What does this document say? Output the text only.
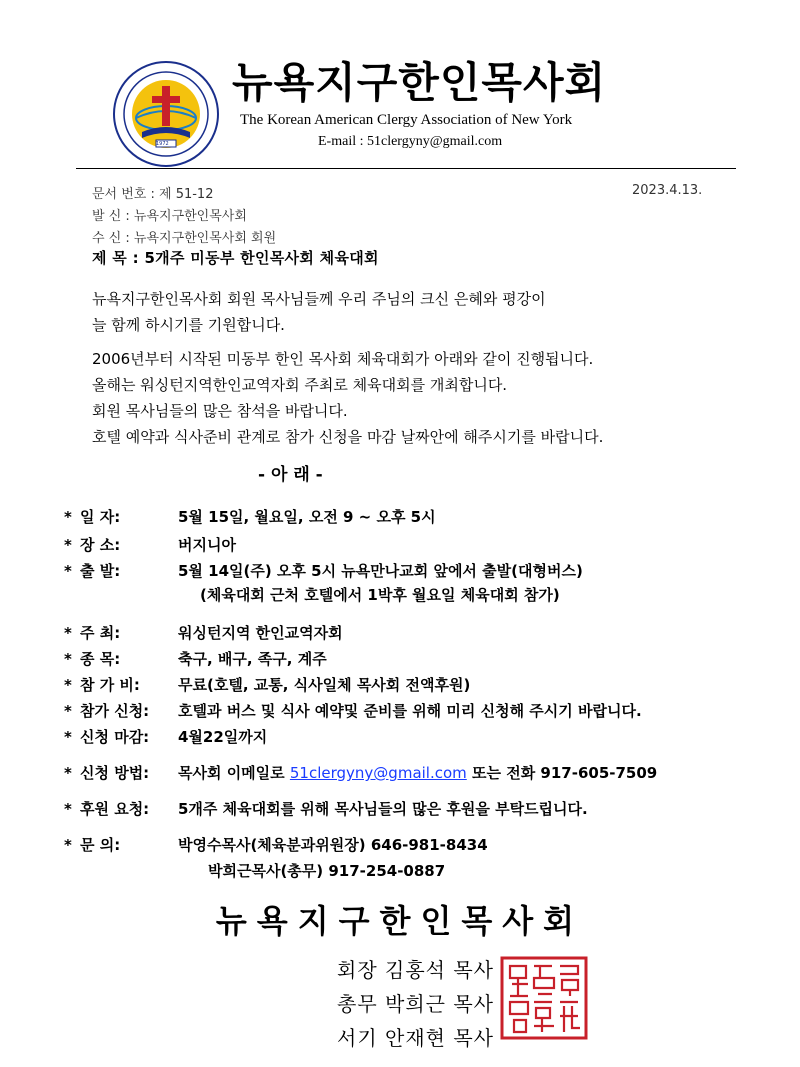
1972
뉴욕지구한인목사회
The Korean American Clergy Association of New York
E-mail : 51clergyny@gmail.com
문서 번호 : 제 51-12	2023.4.13.
발 신 : 뉴욕지구한인목사회
수 신 : 뉴욕지구한인목사회 회원
제 목 : 5개주 미동부 한인목사회 체육대회
뉴욕지구한인목사회 회원 목사님들께 우리 주님의 크신 은혜와 평강이
늘 함께 하시기를 기원합니다.
2006년부터 시작된 미동부 한인 목사회 체육대회가 아래와 같이 진행됩니다.
올해는 워싱턴지역한인교역자회 주최로 체육대회를 개최합니다.
회원 목사님들의 많은 참석을 바랍니다.
호텔 예약과 식사준비 관계로 참가 신청을 마감 날짜안에 해주시기를 바랍니다.
- 아 래 -
* 일 자:	5월 15일, 월요일, 오전 9 ~ 오후 5시
* 장 소:	버지니아
* 출 발:	5월 14일(주) 오후 5시 뉴욕만나교회 앞에서 출발(대형버스)
(체육대회 근처 호텔에서 1박후 월요일 체육대회 참가)
* 주 최:	워싱턴지역 한인교역자회
* 종 목:	축구, 배구, 족구, 계주
* 참 가 비:	무료(호텔, 교통, 식사일체 목사회 전액후원)
* 참가 신청: 호텔과 버스 및 식사 예약및 준비를 위해 미리 신청해 주시기 바랍니다.
* 신청 마감: 4월22일까지
* 신청 방법: 목사회 이메일로 51clergyny@gmail.com 또는 전화 917-605-7509
* 후원 요청: 5개주 체육대회를 위해 목사님들의 많은 후원을 부탁드립니다.
* 문 의:	박영수목사(체육분과위원장) 646-981-8434
박희근목사(총무) 917-254-0887
뉴욕지구한인목사회
회장 김홍석 목사
총무 박희근 목사
서기 안재현 목사
